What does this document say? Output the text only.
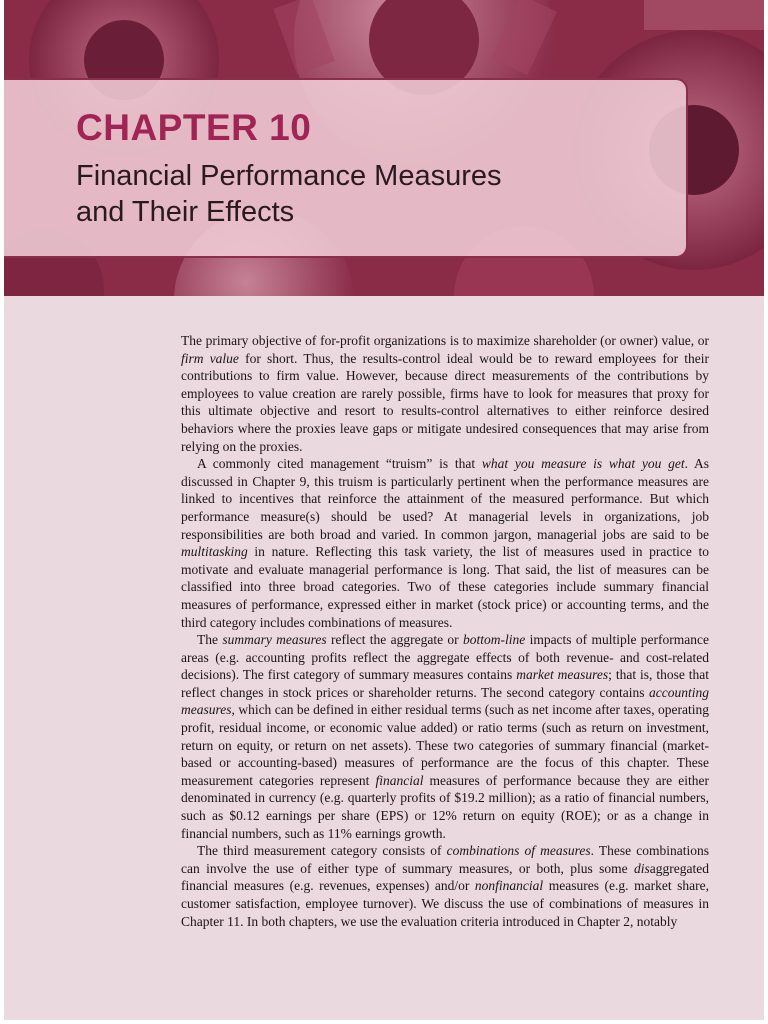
CHAPTER 10
Financial Performance Measures
and Their Effects

The primary objective of for-profit organizations is to maximize shareholder (or owner) value, or firm value for short. Thus, the results-control ideal would be to reward employees for their contributions to firm value. However, because direct measurements of the contributions by employees to value creation are rarely possible, firms have to look for measures that proxy for this ultimate objective and resort to results-control alternatives to either reinforce desired behaviors where the proxies leave gaps or mitigate undesired consequences that may arise from relying on the proxies.

A commonly cited management “truism” is that what you measure is what you get. As discussed in Chapter 9, this truism is particularly pertinent when the performance measures are linked to incentives that reinforce the attainment of the measured performance. But which performance measure(s) should be used? At managerial levels in organizations, job responsibilities are both broad and varied. In common jargon, managerial jobs are said to be multitasking in nature. Reflecting this task variety, the list of measures used in practice to motivate and evaluate managerial performance is long. That said, the list of measures can be classified into three broad categories. Two of these categories include summary financial measures of performance, expressed either in market (stock price) or accounting terms, and the third category includes combinations of measures.

The summary measures reflect the aggregate or bottom-line impacts of multiple performance areas (e.g. accounting profits reflect the aggregate effects of both revenue- and cost-related decisions). The first category of summary measures contains market measures; that is, those that reflect changes in stock prices or shareholder returns. The second category contains accounting measures, which can be defined in either residual terms (such as net income after taxes, operating profit, residual income, or economic value added) or ratio terms (such as return on investment, return on equity, or return on net assets). These two categories of summary financial (market-based or accounting-based) measures of performance are the focus of this chapter. These measurement categories represent financial measures of performance because they are either denominated in currency (e.g. quarterly profits of $19.2 million); as a ratio of financial numbers, such as $0.12 earnings per share (EPS) or 12% return on equity (ROE); or as a change in financial numbers, such as 11% earnings growth.

The third measurement category consists of combinations of measures. These combinations can involve the use of either type of summary measures, or both, plus some disaggregated financial measures (e.g. revenues, expenses) and/or nonfinancial measures (e.g. market share, customer satisfaction, employee turnover). We discuss the use of combinations of measures in Chapter 11. In both chapters, we use the evaluation criteria introduced in Chapter 2, notably
